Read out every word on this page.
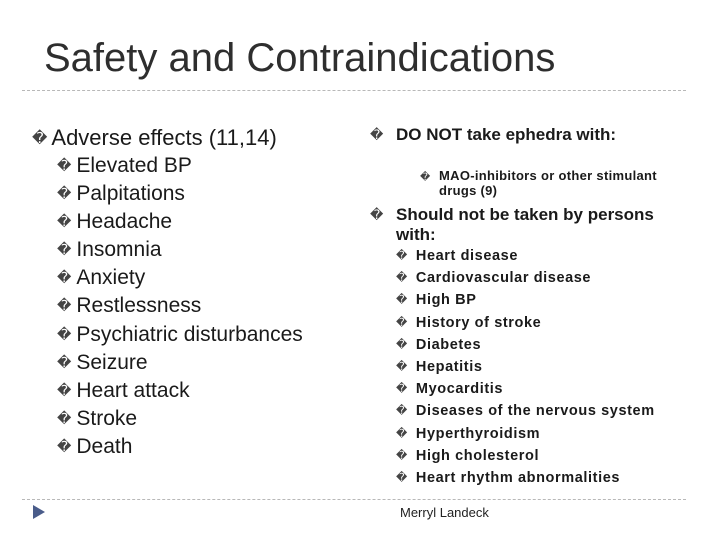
Safety and Contraindications
� Adverse effects (11,14)
� Elevated BP
� Palpitations
� Headache
� Insomnia
� Anxiety
� Restlessness
� Psychiatric disturbances
� Seizure
� Heart attack
� Stroke
� Death
� DO NOT take ephedra with:
� MAO-inhibitors or other stimulant drugs (9)
� Should not be taken by persons with:
� Heart disease
� Cardiovascular disease
� High BP
� History of stroke
� Diabetes
� Hepatitis
� Myocarditis
� Diseases of the nervous system
� Hyperthyroidism
� High cholesterol
� Heart rhythm abnormalities
Merryl Landeck
